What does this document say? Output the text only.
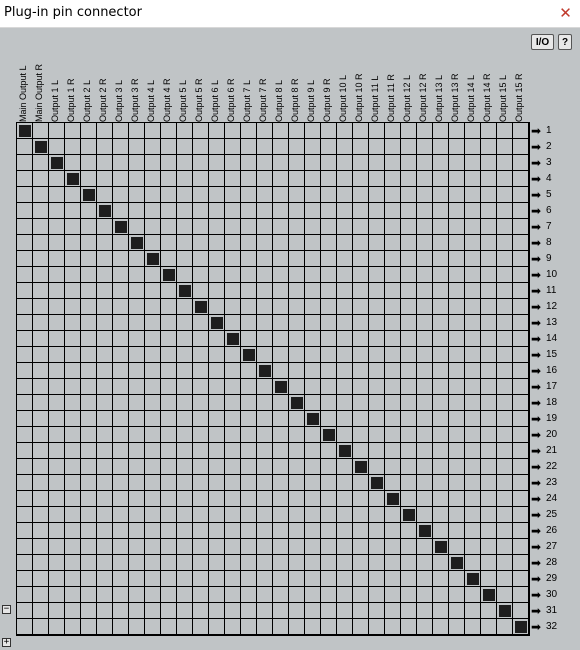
Plug-in pin connector	✕
I/O	?
Main Output L Main Output R Output 1 L Output 1 R Output 2 L Output 2 R Output 3 L Output 3 R Output 4 L Output 4 R Output 5 L Output 5 R Output 6 L Output 6 R Output 7 L Output 7 R Output 8 L Output 8 R Output 9 L Output 9 R Output 10 L Output 10 R Output 11 L Output 11 R Output 12 L Output 12 R Output 13 L Output 13 R Output 14 L Output 14 R Output 15 L Output 15 R
➡ 1
➡ 2
➡ 3
➡ 4
➡ 5
➡ 6
➡ 7
➡ 8
➡ 9
➡ 10
➡ 11
➡ 12
➡ 13
➡ 14
➡ 15
➡ 16
➡ 17
➡ 18
➡ 19
➡ 20
➡ 21
➡ 22
➡ 23
➡ 24
➡ 25
➡ 26
➡ 27
➡ 28
➡ 29
➡ 30
➡ 31
➡ 32
−
+
